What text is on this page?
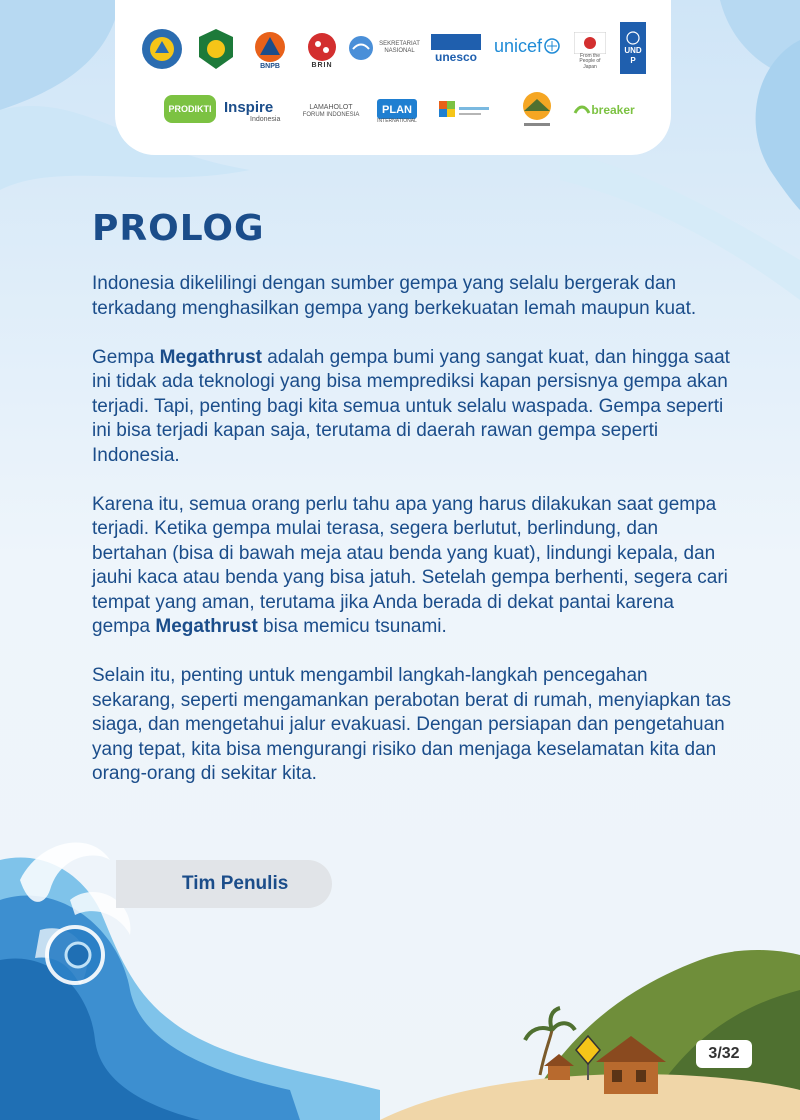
BNPB	BRIN
SEKRETARIAT NASIONAL	unesco
unicef
From the People of Japan
UNDP
PRODIKTI Inspire
Indonesia
LAMAHOLOT
FORUM INDONESIA	PLAN
INTERNATIONAL
breaker
PROLOG

Indonesia dikelilingi dengan sumber gempa yang selalu bergerak dan terkadang menghasilkan gempa yang berkekuatan lemah maupun kuat.

Gempa Megathrust adalah gempa bumi yang sangat kuat, dan hingga saat ini tidak ada teknologi yang bisa memprediksi kapan persisnya gempa akan terjadi. Tapi, penting bagi kita semua untuk selalu waspada. Gempa seperti ini bisa terjadi kapan saja, terutama di daerah rawan gempa seperti Indonesia.

Karena itu, semua orang perlu tahu apa yang harus dilakukan saat gempa terjadi. Ketika gempa mulai terasa, segera berlutut, berlindung, dan bertahan (bisa di bawah meja atau benda yang kuat), lindungi kepala, dan jauhi kaca atau benda yang bisa jatuh. Setelah gempa berhenti, segera cari tempat yang aman, terutama jika Anda berada di dekat pantai karena gempa Megathrust bisa memicu tsunami.

Selain itu, penting untuk mengambil langkah-langkah pencegahan sekarang, seperti mengamankan perabotan berat di rumah, menyiapkan tas siaga, dan mengetahui jalur evakuasi. Dengan persiapan dan pengetahuan yang tepat, kita bisa mengurangi risiko dan menjaga keselamatan kita dan orang-orang di sekitar kita.

Tim Penulis
3/32
